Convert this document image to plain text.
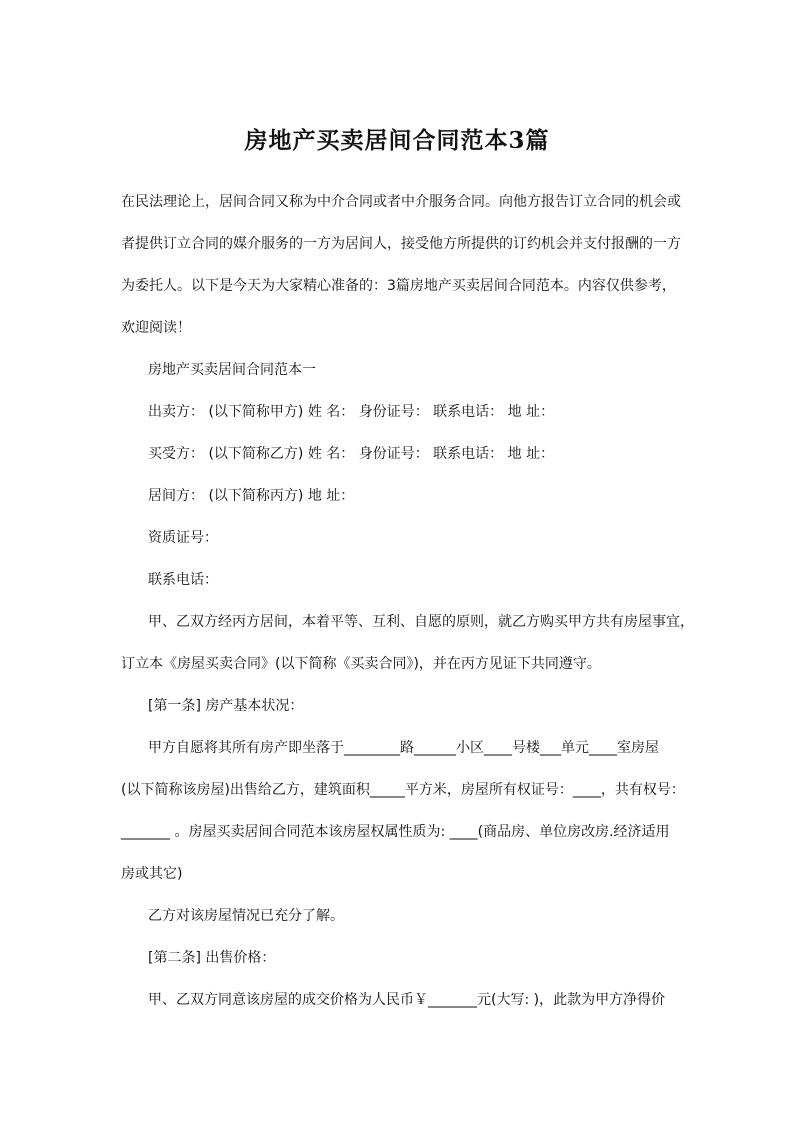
房地产买卖居间合同范本3篇
在民法理论上，居间合同又称为中介合同或者中介服务合同。向他方报告订立合同的机会或
者提供订立合同的媒介服务的一方为居间人，接受他方所提供的订约机会并支付报酬的一方
为委托人。以下是今天为大家精心准备的：3篇房地产买卖居间合同范本。内容仅供参考，
欢迎阅读！
房地产买卖居间合同范本一
出卖方： (以下简称甲方) 姓 名： 身份证号： 联系电话： 地 址：
买受方： (以下简称乙方) 姓 名： 身份证号： 联系电话： 地 址：
居间方： (以下简称丙方) 地 址：
资质证号：
联系电话：
甲、乙双方经丙方居间，本着平等、互利、自愿的原则，就乙方购买甲方共有房屋事宜，
订立本《房屋买卖合同》(以下简称《买卖合同》)，并在丙方见证下共同遵守。
[第一条] 房产基本状况：
甲方自愿将其所有房产即坐落于________路______小区____号楼___单元____室房屋
(以下简称该房屋)出售给乙方，建筑面积_____平方米，房屋所有权证号：____，共有权号：
_______ 。房屋买卖居间合同范本该房屋权属性质为: ____(商品房、单位房改房.经济适用
房或其它)
乙方对该房屋情况已充分了解。
[第二条] 出售价格：
甲、乙双方同意该房屋的成交价格为人民币￥_______元(大写: )，此款为甲方净得价
